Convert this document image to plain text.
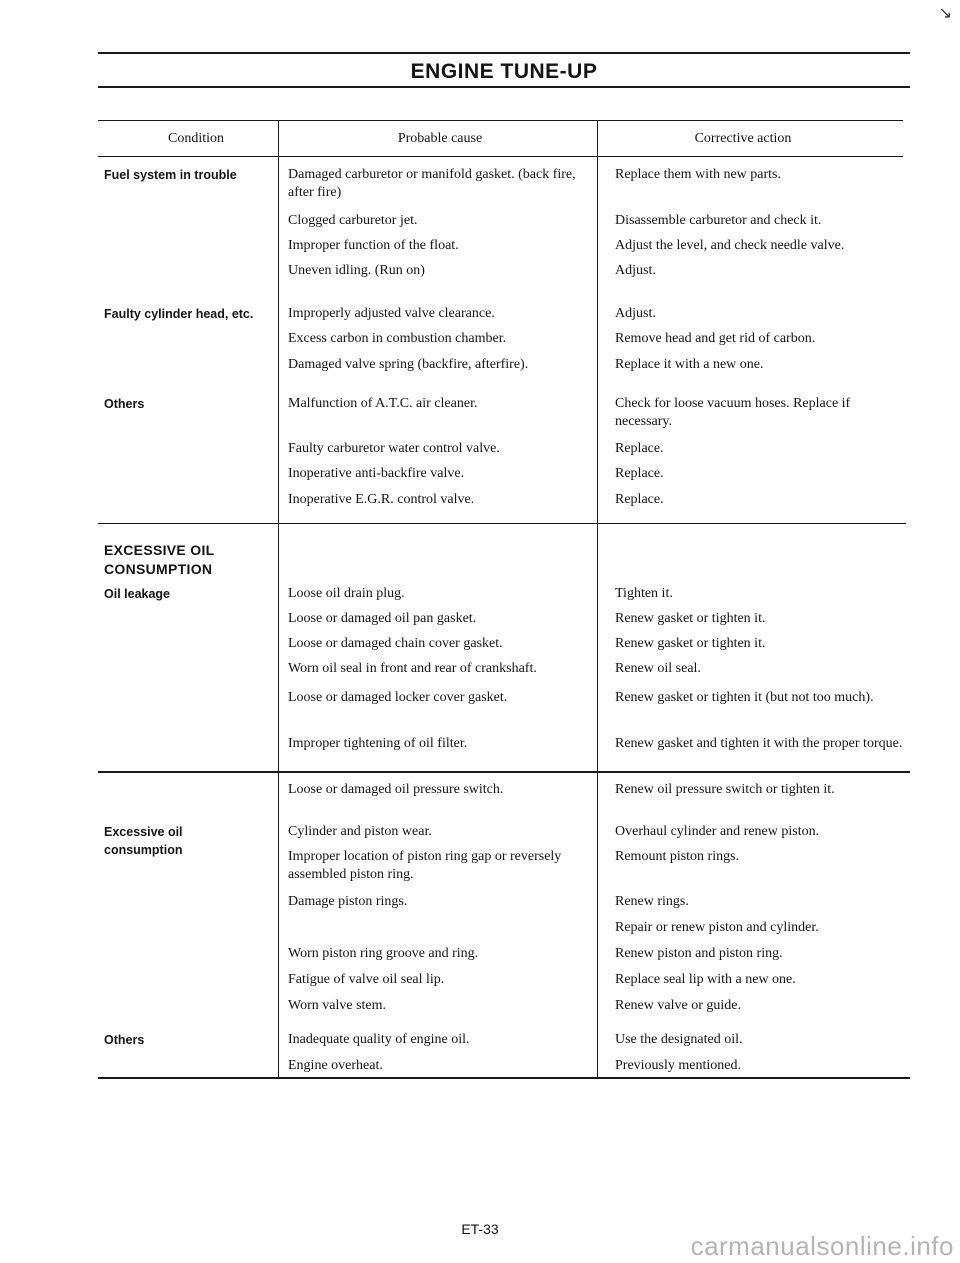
ENGINE TUNE-UP
↘
Condition	Probable cause	Corrective action
Fuel system in trouble
Faulty cylinder head, etc.
Others
EXCESSIVE OIL CONSUMPTION
Oil leakage
Excessive oil consumption
Others
Damaged carburetor or manifold gasket. (back fire, after fire)
Clogged carburetor jet.
Improper function of the float.
Uneven idling. (Run on)
Improperly adjusted valve clearance.
Excess carbon in combustion chamber.
Damaged valve spring (backfire, afterfire).
Malfunction of A.T.C. air cleaner.
Faulty carburetor water control valve.
Inoperative anti-backfire valve.
Inoperative E.G.R. control valve.
Loose oil drain plug.
Loose or damaged oil pan gasket.
Loose or damaged chain cover gasket.
Worn oil seal in front and rear of crankshaft.
Loose or damaged locker cover gasket.
Improper tightening of oil filter.
Loose or damaged oil pressure switch.
Cylinder and piston wear.
Improper location of piston ring gap or reversely assembled piston ring.
Damage piston rings.
Worn piston ring groove and ring.
Fatigue of valve oil seal lip.
Worn valve stem.
Inadequate quality of engine oil.
Engine overheat.
Replace them with new parts.
Disassemble carburetor and check it.
Adjust the level, and check needle valve.
Adjust.
Adjust.
Remove head and get rid of carbon.
Replace it with a new one.
Check for loose vacuum hoses. Replace if necessary.
Replace.
Replace.
Replace.
Tighten it.
Renew gasket or tighten it.
Renew gasket or tighten it.
Renew oil seal.
Renew gasket or tighten it (but not too much).
Renew gasket and tighten it with the proper torque.
Renew oil pressure switch or tighten it.
Overhaul cylinder and renew piston.
Remount piston rings.
Renew rings.
Repair or renew piston and cylinder.
Renew piston and piston ring.
Replace seal lip with a new one.
Renew valve or guide.
Use the designated oil.
Previously mentioned.
ET-33
carmanualsonline.info
